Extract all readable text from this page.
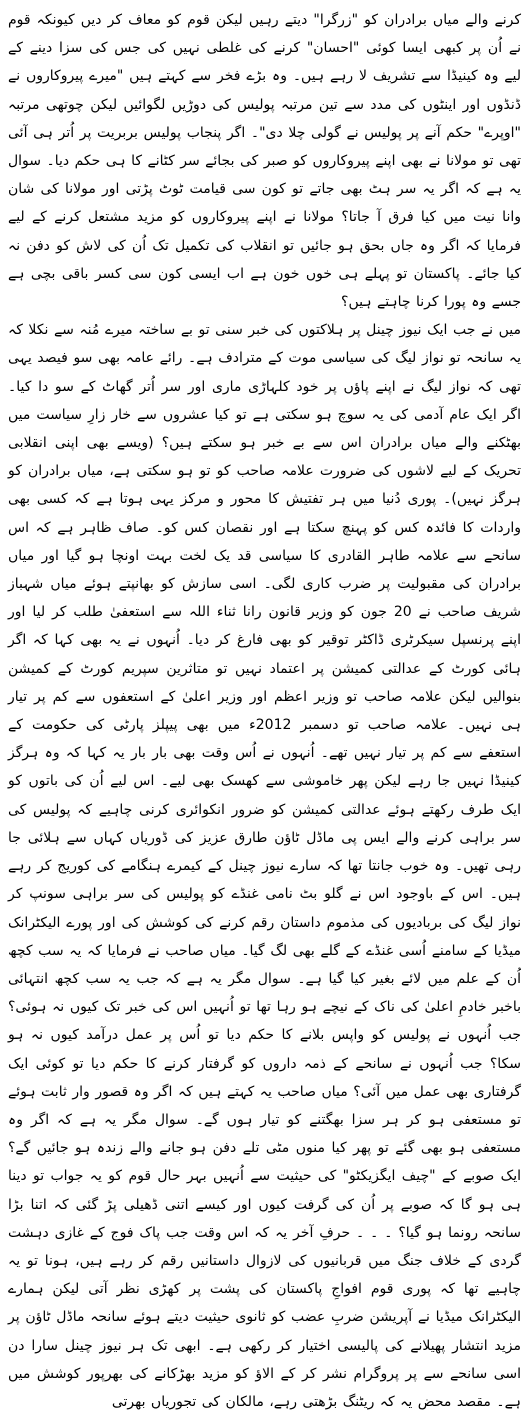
کرنے والے میاں برادران کو "زرگرا" دیتے رہیں لیکن قوم کو معاف کر دیں کیونکہ قوم نے اُن پر کبھی ایسا کوئی "احسان" کرنے کی غلطی نہیں کی جس کی سزا دینے کے لیے وہ کینیڈا سے تشریف لا رہے ہیں۔ وہ بڑے فخر سے کہتے ہیں "میرے پیروکاروں نے ڈنڈوں اور اینٹوں کی مدد سے تین مرتبہ پولیس کی دوڑیں لگوائیں لیکن چوتھی مرتبہ "اوپرے" حکم آنے پر پولیس نے گولی چلا دی"۔ اگر پنجاب پولیس بربریت پر اُتر ہی آئی تھی تو مولانا نے بھی اپنے پیروکاروں کو صبر کی بجائے سر کٹانے کا ہی حکم دیا۔ سوال یہ ہے کہ اگر یہ سر ہٹ بھی جاتے تو کون سی قیامت ٹوٹ پڑتی اور مولانا کی شان وانا نیت میں کیا فرق آ جاتا؟ مولانا نے اپنے پیروکاروں کو مزید مشتعل کرنے کے لیے فرمایا کہ اگر وہ جاں بحق ہو جائیں تو انقلاب کی تکمیل تک اُن کی لاش کو دفن نہ کیا جائے۔ پاکستان تو پہلے ہی خوں خون ہے اب ایسی کون سی کسر باقی بچی ہے جسے وہ پورا کرنا چاہتے ہیں؟

میں نے جب ایک نیوز چینل پر ہلاکتوں کی خبر سنی تو بے ساختہ میرے مُنہ سے نکلا کہ یہ سانحہ تو نواز لیگ کی سیاسی موت کے مترادف ہے۔ رائے عامہ بھی سو فیصد یہی تھی کہ نواز لیگ نے اپنے پاؤں پر خود کلہاڑی ماری اور سر اُتر گھاٹ کے سو دا کیا۔ اگر ایک عام آدمی کی یہ سوچ ہو سکتی ہے تو کیا عشروں سے خار زارِ سیاست میں بھٹکنے والے میاں برادران اس سے بے خبر ہو سکتے ہیں؟ (ویسے بھی اپنی انقلابی تحریک کے لیے لاشوں کی ضرورت علامہ صاحب کو تو ہو سکتی ہے، میاں برادران کو ہرگز نہیں)۔ پوری دُنیا میں ہر تفتیش کا محور و مرکز یہی ہوتا ہے کہ کسی بھی واردات کا فائدہ کس کو پہنچ سکتا ہے اور نقصان کس کو۔ صاف ظاہر ہے کہ اس سانحے سے علامہ طاہر القادری کا سیاسی قد یک لخت بہت اونچا ہو گیا اور میاں برادران کی مقبولیت پر ضرب کاری لگی۔ اسی سازش کو بھانپتے ہوئے میاں شہباز شریف صاحب نے 20 جون کو وزیر قانون رانا ثناء اللہ سے استعفیٰ طلب کر لیا اور اپنے پرنسپل سیکرٹری ڈاکٹر توقیر کو بھی فارغ کر دیا۔ اُنہوں نے یہ بھی کہا کہ اگر ہائی کورٹ کے عدالتی کمیشن پر اعتماد نہیں تو متاثرین سپریم کورٹ کے کمیشن بنوالیں لیکن علامہ صاحب تو وزیر اعظم اور وزیر اعلیٰ کے استعفوں سے کم پر تیار ہی نہیں۔ علامہ صاحب تو دسمبر 2012ء میں بھی پیپلز پارٹی کی حکومت کے استعفے سے کم پر تیار نہیں تھے۔ اُنہوں نے اُس وقت بھی بار بار یہ کہا کہ وہ ہرگز کینیڈا نہیں جا رہے لیکن پھر خاموشی سے کھسک بھی لیے۔ اس لیے اُن کی باتوں کو ایک طرف رکھتے ہوئے عدالتی کمیشن کو ضرور انکوائری کرنی چاہیے کہ پولیس کی سر براہی کرنے والے ایس پی ماڈل ٹاؤن طارق عزیز کی ڈوریاں کہاں سے ہلائی جا رہی تھیں۔ وہ خوب جانتا تھا کہ سارے نیوز چینل کے کیمرے ہنگامے کی کوریج کر رہے ہیں۔ اس کے باوجود اس نے گلو بٹ نامی غنڈے کو پولیس کی سر براہی سونپ کر نواز لیگ کی بربادیوں کی مذموم داستان رقم کرنے کی کوشش کی اور پورے الیکٹرانک میڈیا کے سامنے اُسی غنڈے کے گلے بھی لگ گیا۔ میاں صاحب نے فرمایا کہ یہ سب کچھ اُن کے علم میں لائے بغیر کیا گیا ہے۔ سوال مگر یہ ہے کہ جب یہ سب کچھ انتہائی باخبر خادمِ اعلیٰ کی ناک کے نیچے ہو رہا تھا تو اُنہیں اس کی خبر تک کیوں نہ ہوئی؟ جب اُنہوں نے پولیس کو واپس بلانے کا حکم دیا تو اُس پر عمل درآمد کیوں نہ ہو سکا؟ جب اُنہوں نے سانحے کے ذمہ داروں کو گرفتار کرنے کا حکم دیا تو کوئی ایک گرفتاری بھی عمل میں آئی؟ میاں صاحب یہ کہتے ہیں کہ اگر وہ قصور وار ثابت ہوئے تو مستعفی ہو کر ہر سزا بھگتنے کو تیار ہوں گے۔ سوال مگر یہ ہے کہ اگر وہ مستعفی ہو بھی گئے تو پھر کیا منوں مٹی تلے دفن ہو جانے والے زندہ ہو جائیں گے؟ ایک صوبے کے "چیف ایگزیکٹو" کی حیثیت سے اُنہیں بہر حال قوم کو یہ جواب تو دینا ہی ہو گا کہ صوبے پر اُن کی گرفت کیوں اور کیسے اتنی ڈھیلی پڑ گئی کہ اتنا بڑا سانحہ رونما ہو گیا؟ ۔ ۔ ۔ حرفِ آخر یہ کہ اس وقت جب پاک فوج کے غازی دہشت گردی کے خلاف جنگ میں قربانیوں کی لازوال داستانیں رقم کر رہے ہیں، ہونا تو یہ چاہیے تھا کہ پوری قوم افواجِ پاکستان کی پشت پر کھڑی نظر آتی لیکن ہمارے الیکٹرانک میڈیا نے آپریشن ضربِ عضب کو ثانوی حیثیت دیتے ہوئے سانحہ ماڈل ٹاؤن پر مزید انتشار پھیلانے کی پالیسی اختیار کر رکھی ہے۔ ابھی تک ہر نیوز چینل سارا دن اسی سانحے سے پر پروگرام نشر کر کے الاؤ کو مزید بھڑکانے کی بھرپور کوشش میں ہے۔ مقصد محض یہ کہ ریٹنگ بڑھتی رہے، مالکان کی تجوریاں بھرتی
